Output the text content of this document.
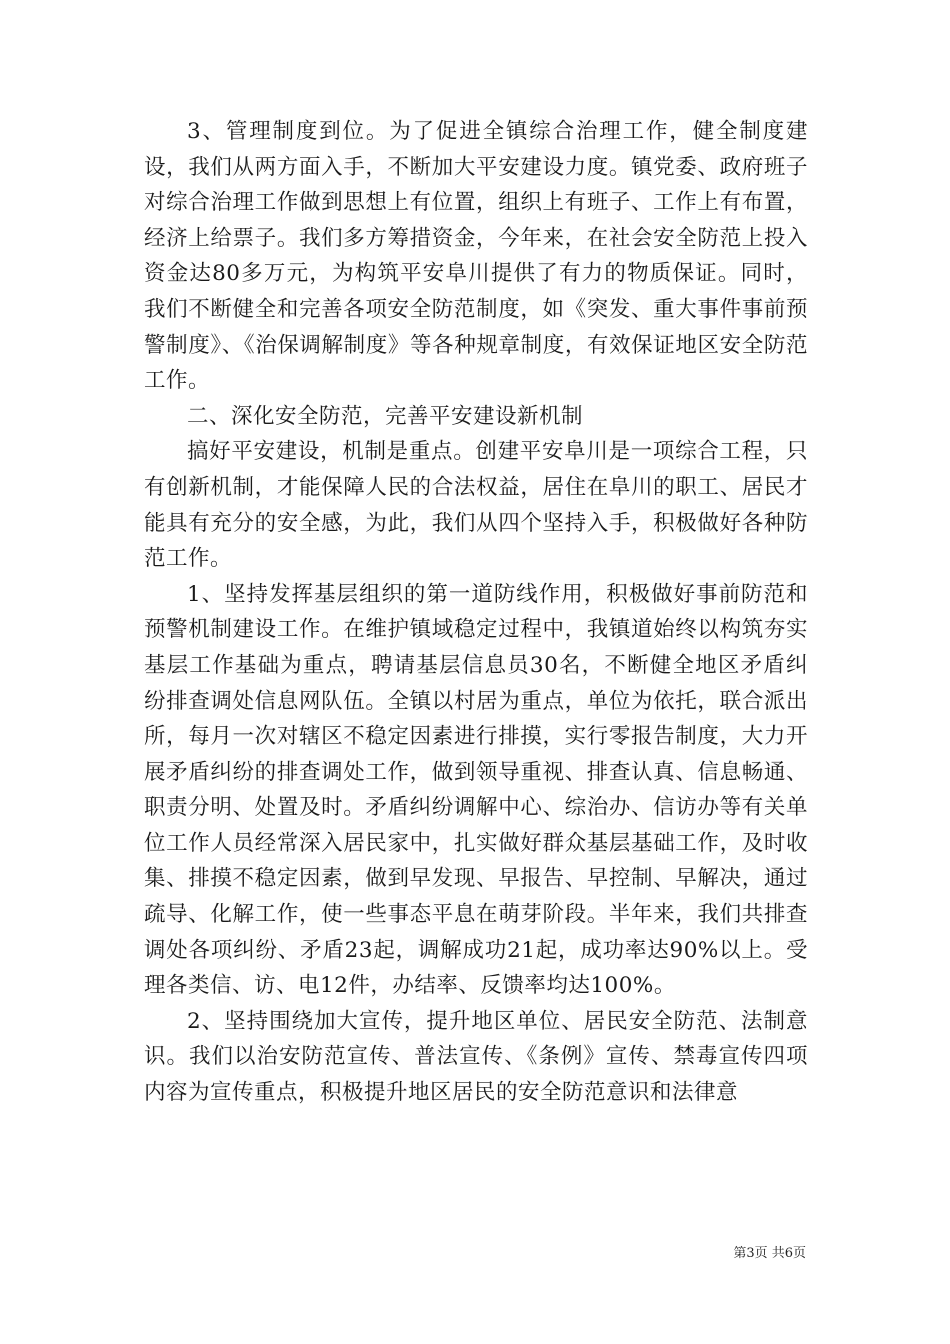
3、管理制度到位。为了促进全镇综合治理工作，健全制度建设，我们从两方面入手，不断加大平安建设力度。镇党委、政府班子对综合治理工作做到思想上有位置，组织上有班子、工作上有布置，经济上给票子。我们多方筹措资金，今年来，在社会安全防范上投入资金达80多万元，为构筑平安阜川提供了有力的物质保证。同时，我们不断健全和完善各项安全防范制度，如《突发、重大事件事前预警制度》、《治保调解制度》等各种规章制度，有效保证地区安全防范工作。

二、深化安全防范，完善平安建设新机制

搞好平安建设，机制是重点。创建平安阜川是一项综合工程，只有创新机制，才能保障人民的合法权益，居住在阜川的职工、居民才能具有充分的安全感，为此，我们从四个坚持入手，积极做好各种防范工作。

1、坚持发挥基层组织的第一道防线作用，积极做好事前防范和预警机制建设工作。在维护镇域稳定过程中，我镇道始终以构筑夯实基层工作基础为重点，聘请基层信息员30名，不断健全地区矛盾纠纷排查调处信息网队伍。全镇以村居为重点，单位为依托，联合派出所，每月一次对辖区不稳定因素进行排摸，实行零报告制度，大力开展矛盾纠纷的排查调处工作，做到领导重视、排查认真、信息畅通、职责分明、处置及时。矛盾纠纷调解中心、综治办、信访办等有关单位工作人员经常深入居民家中，扎实做好群众基层基础工作，及时收集、排摸不稳定因素，做到早发现、早报告、早控制、早解决，通过疏导、化解工作，使一些事态平息在萌芽阶段。半年来，我们共排查调处各项纠纷、矛盾23起，调解成功21起，成功率达90%以上。受理各类信、访、电12件，办结率、反馈率均达100%。

2、坚持围绕加大宣传，提升地区单位、居民安全防范、法制意识。我们以治安防范宣传、普法宣传、《条例》宣传、禁毒宣传四项内容为宣传重点，积极提升地区居民的安全防范意识和法律意

第3页 共6页
